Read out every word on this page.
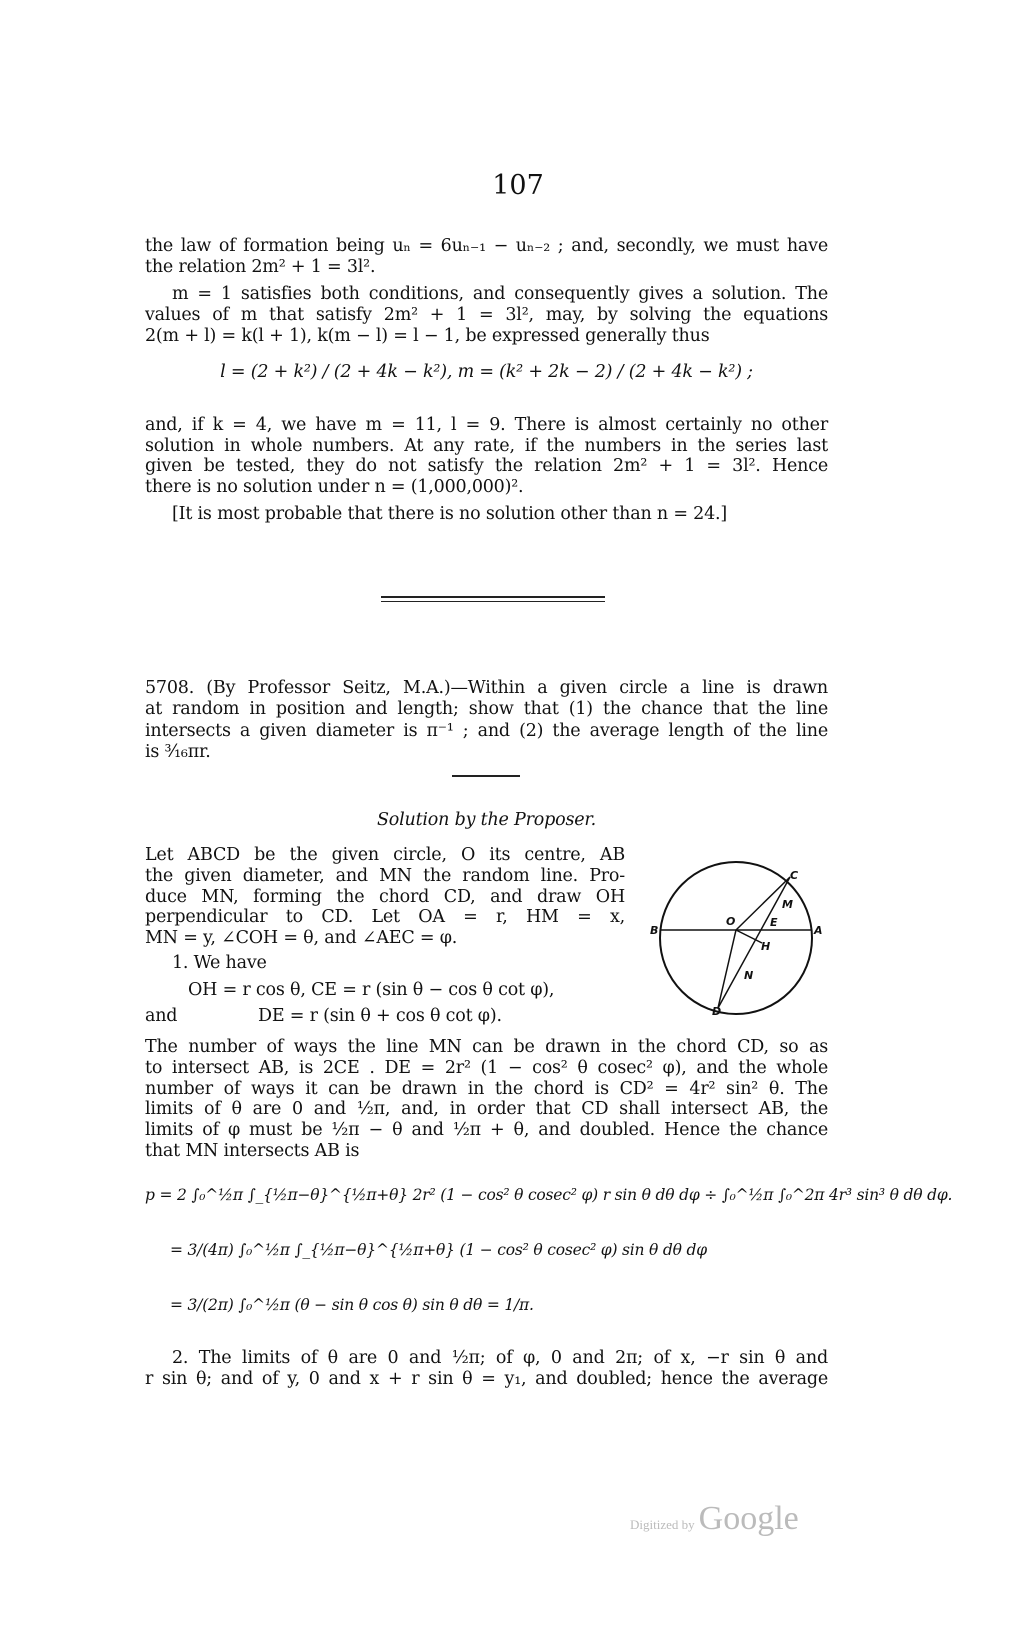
107
the law of formation being uₙ = 6uₙ₋₁ − uₙ₋₂ ; and, secondly, we must have
the relation 2m² + 1 = 3l².
m = 1 satisfies both conditions, and consequently gives a solution. The
values of m that satisfy 2m² + 1 = 3l², may, by solving the equations
2(m + l) = k(l + 1), k(m − l) = l − 1, be expressed generally thus
l = (2 + k²) / (2 + 4k − k²), m = (k² + 2k − 2) / (2 + 4k − k²) ;
and, if k = 4, we have m = 11, l = 9. There is almost certainly no other
solution in whole numbers. At any rate, if the numbers in the series last
given be tested, they do not satisfy the relation 2m² + 1 = 3l². Hence
there is no solution under n = (1,000,000)².
[It is most probable that there is no solution other than n = 24.]
5708. (By Professor Seitz, M.A.)—Within a given circle a line is drawn
at random in position and length; show that (1) the chance that the line
intersects a given diameter is π⁻¹ ; and (2) the average length of the line
is ³⁄₁₆πr.
Solution by the Proposer.
Let ABCD be the given circle, O its centre, AB
the given diameter, and MN the random line. Pro-
duce MN, forming the chord CD, and draw OH
perpendicular to CD. Let OA = r, HM = x,
MN = y, ∠COH = θ, and ∠AEC = φ.
1. We have
OH = r cos θ, CE = r (sin θ − cos θ cot φ),
and	DE = r (sin θ + cos θ cot φ).
C
B	A
O	E
H
M
N
D
The number of ways the line MN can be drawn in the chord CD, so as
to intersect AB, is 2CE . DE = 2r² (1 − cos² θ cosec² φ), and the whole
number of ways it can be drawn in the chord is CD² = 4r² sin² θ. The
limits of θ are 0 and ½π, and, in order that CD shall intersect AB, the
limits of φ must be ½π − θ and ½π + θ, and doubled. Hence the chance
that MN intersects AB is
p = 2 ∫₀^½π ∫_{½π−θ}^{½π+θ} 2r² (1 − cos² θ cosec² φ) r sin θ dθ dφ ÷ ∫₀^½π ∫₀^2π 4r³ sin³ θ dθ dφ.
= 3/(4π) ∫₀^½π ∫_{½π−θ}^{½π+θ} (1 − cos² θ cosec² φ) sin θ dθ dφ
= 3/(2π) ∫₀^½π (θ − sin θ cos θ) sin θ dθ = 1/π.
2. The limits of θ are 0 and ½π; of φ, 0 and 2π; of x, −r sin θ and
r sin θ; and of y, 0 and x + r sin θ = y₁, and doubled; hence the average
Digitized by Google
